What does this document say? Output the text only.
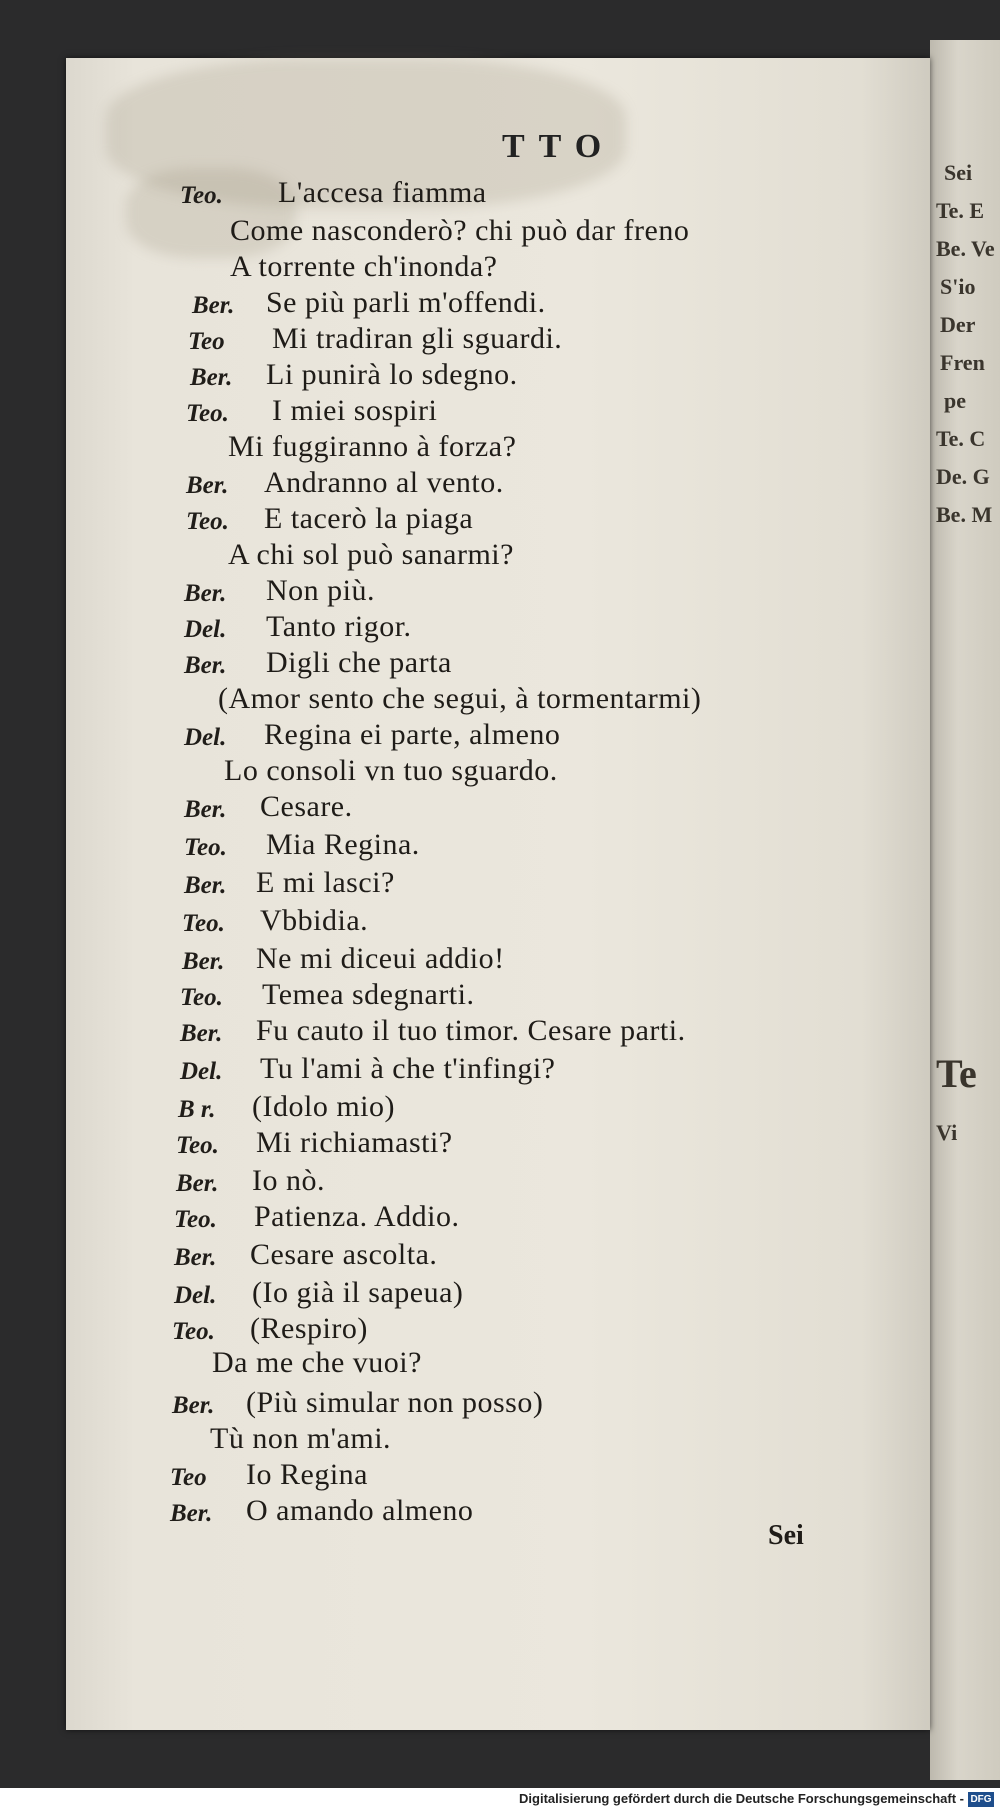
Sei
Te. E
Be. Ve
S'io
Der
Fren
pe
Te. C
De. G
Be. M
Te
Vi
TTO
Teo. L'accesa fiamma
Come nasconderò? chi può dar freno
A torrente ch'inonda?
Ber. Se più parli m'offendi.
Teo Mi tradiran gli sguardi.
Ber. Li punirà lo sdegno.
Teo. I miei sospiri
Mi fuggiranno à forza?
Ber. Andranno al vento.
Teo. E tacerò la piaga
A chi sol può sanarmi?
Ber. Non più.
Del. Tanto rigor.
Ber. Digli che parta
(Amor sento che segui, à tormentarmi)
Del. Regina ei parte, almeno
Lo consoli vn tuo sguardo.
Ber. Cesare.
Teo. Mia Regina.
Ber. E mi lasci?
Teo. Vbbidia.
Ber. Ne mi diceui addio!
Teo. Temea sdegnarti.
Ber. Fu cauto il tuo timor. Cesare parti.
Del. Tu l'ami à che t'infingi?
B r. (Idolo mio)
Teo. Mi richiamasti?
Ber. Io nò.
Teo. Patienza. Addio.
Ber. Cesare ascolta.
Del. (Io già il sapeua)
Teo. (Respiro)
Da me che vuoi?
Ber. (Più simular non posso)
Tù non m'ami.
Teo Io Regina
Ber. O amando almeno
Sei
Digitalisierung gefördert durch die Deutsche Forschungsgemeinschaft - DFG
